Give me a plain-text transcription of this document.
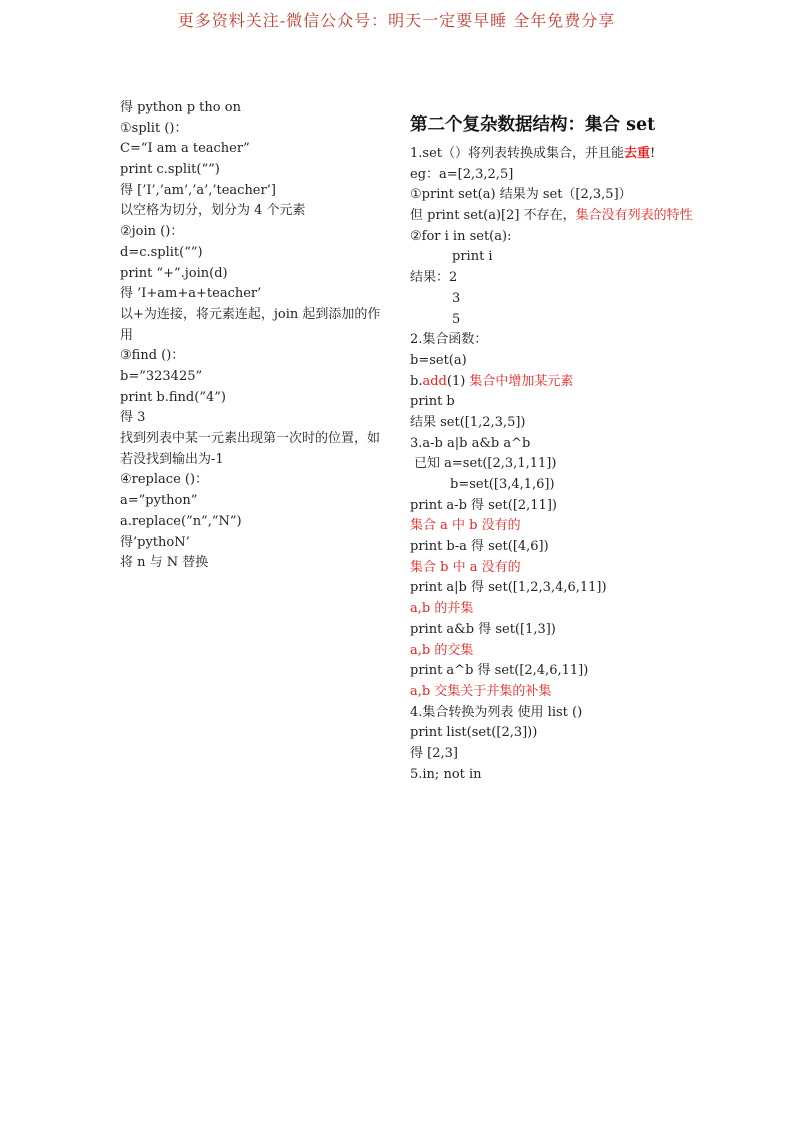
更多资料关注-微信公众号：明天一定要早睡 全年免费分享
得 python p tho on
①split ()：
C=“I am a teacher”
print c.split(“”)
得 [’I’,’am’,’a’,’teacher’]
以空格为切分，划分为 4 个元素
②join ()：
d=c.split(“”)
print “+”.join(d)
得 ’I+am+a+teacher’
以+为连接，将元素连起，join 起到添加的作用
③find ()：
b=”323425”
print b.find(”4”)
得 3
找到列表中某一元素出现第一次时的位置，如若没找到输出为-1
④replace ()：
a=”python”
a.replace(”n”,”N”)
得’pythoN’
将 n 与 N 替换
第二个复杂数据结构：集合 set
1.set（）将列表转换成集合，并且能去重!
eg：a=[2,3,2,5]
①print set(a) 结果为 set（[2,3,5]）
但 print set(a)[2] 不存在，集合没有列表的特性
②for i in set(a):
print i
结果：2
3
5
2.集合函数：
b=set(a)
b.add(1) 集合中增加某元素
print b
结果 set([1,2,3,5])
3.a-b a|b a&b a^b
已知 a=set([2,3,1,11])
b=set([3,4,1,6])
print a-b 得 set([2,11])
集合 a 中 b 没有的
print b-a 得 set([4,6])
集合 b 中 a 没有的
print a|b 得 set([1,2,3,4,6,11])
a,b 的并集
print a&b 得 set([1,3])
a,b 的交集
print a^b 得 set([2,4,6,11])
a,b 交集关于并集的补集
4.集合转换为列表 使用 list ()
print list(set([2,3]))
得 [2,3]
5.in; not in
